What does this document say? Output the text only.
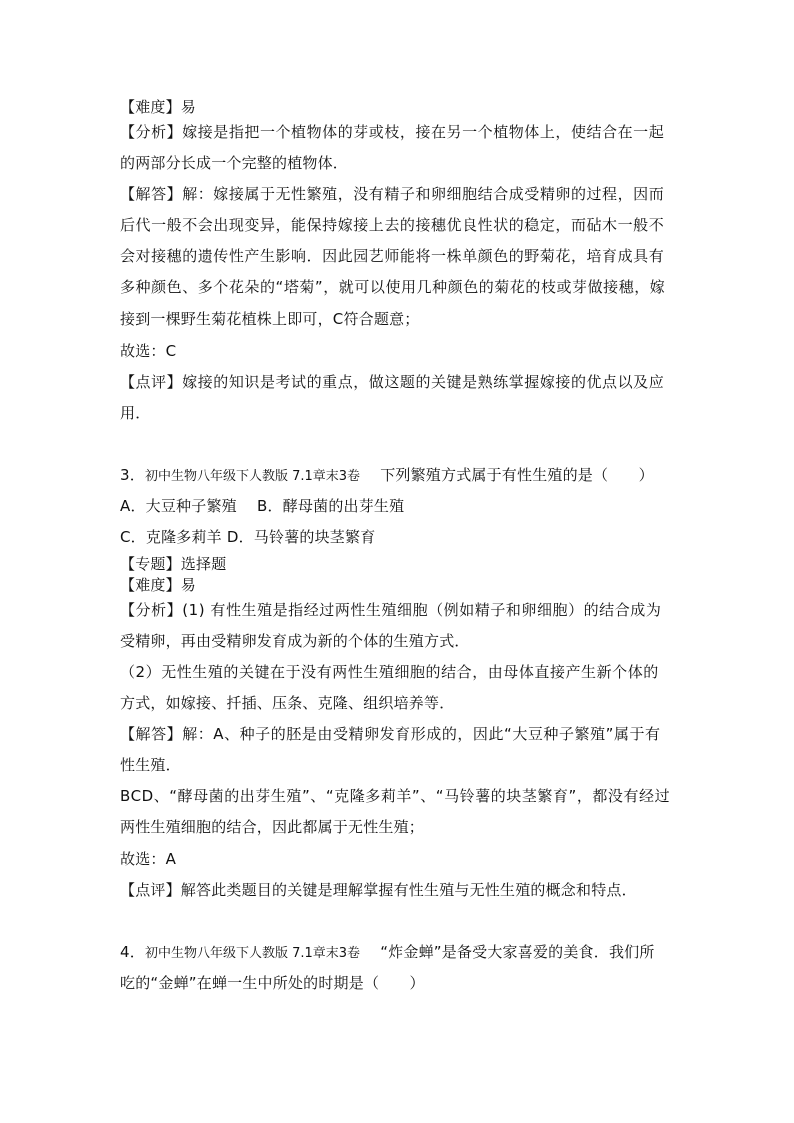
【难度】易
【分析】嫁接是指把一个植物体的芽或枝，接在另一个植物体上，使结合在一起
的两部分长成一个完整的植物体．
【解答】解：嫁接属于无性繁殖，没有精子和卵细胞结合成受精卵的过程，因而
后代一般不会出现变异，能保持嫁接上去的接穗优良性状的稳定，而砧木一般不
会对接穗的遗传性产生影响．因此园艺师能将一株单颜色的野菊花，培育成具有
多种颜色、多个花朵的“塔菊”，就可以使用几种颜色的菊花的枝或芽做接穗，嫁
接到一棵野生菊花植株上即可，C符合题意；
故选：C
【点评】嫁接的知识是考试的重点，做这题的关键是熟练掌握嫁接的优点以及应
用．
3．初中生物八年级下人教版 7.1章末3卷　 下列繁殖方式属于有性生殖的是（　　）
A．大豆种子繁殖　 B．酵母菌的出芽生殖
C．克隆多莉羊 D．马铃薯的块茎繁育
【专题】选择题
【难度】易
【分析】(1) 有性生殖是指经过两性生殖细胞（例如精子和卵细胞）的结合成为
受精卵，再由受精卵发育成为新的个体的生殖方式．
（2）无性生殖的关键在于没有两性生殖细胞的结合，由母体直接产生新个体的
方式，如嫁接、扦插、压条、克隆、组织培养等．
【解答】解：A、种子的胚是由受精卵发育形成的，因此“大豆种子繁殖”属于有
性生殖．
BCD、“酵母菌的出芽生殖”、“克隆多莉羊”、“马铃薯的块茎繁育”，都没有经过
两性生殖细胞的结合，因此都属于无性生殖；
故选：A
【点评】解答此类题目的关键是理解掌握有性生殖与无性生殖的概念和特点．
4．初中生物八年级下人教版 7.1章末3卷　 “炸金蝉”是备受大家喜爱的美食．我们所
吃的“金蝉”在蝉一生中所处的时期是（　　）
